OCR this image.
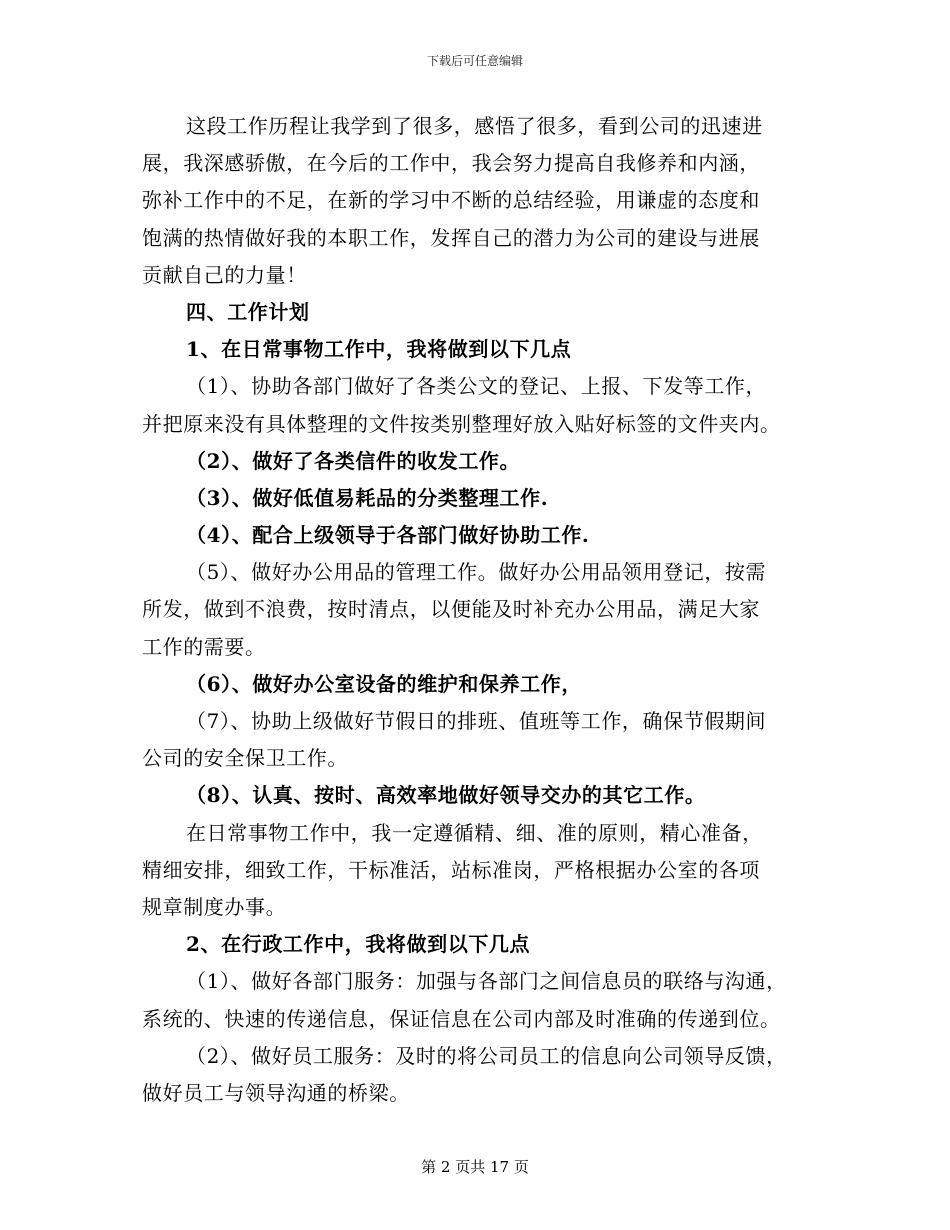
下载后可任意编辑
这段工作历程让我学到了很多，感悟了很多，看到公司的迅速进
展，我深感骄傲，在今后的工作中，我会努力提高自我修养和内涵，
弥补工作中的不足，在新的学习中不断的总结经验，用谦虚的态度和
饱满的热情做好我的本职工作，发挥自己的潜力为公司的建设与进展
贡献自己的力量！
四、工作计划
1、在日常事物工作中，我将做到以下几点
（1）、协助各部门做好了各类公文的登记、上报、下发等工作，
并把原来没有具体整理的文件按类别整理好放入贴好标签的文件夹内。
（2）、做好了各类信件的收发工作。
（3）、做好低值易耗品的分类整理工作.
（4）、配合上级领导于各部门做好协助工作.
（5）、做好办公用品的管理工作。做好办公用品领用登记，按需
所发，做到不浪费，按时清点，以便能及时补充办公用品，满足大家
工作的需要。
（6）、做好办公室设备的维护和保养工作，
（7）、协助上级做好节假日的排班、值班等工作，确保节假期间
公司的安全保卫工作。
（8）、认真、按时、高效率地做好领导交办的其它工作。
在日常事物工作中，我一定遵循精、细、准的原则，精心准备，
精细安排，细致工作，干标准活，站标准岗，严格根据办公室的各项
规章制度办事。
2、在行政工作中，我将做到以下几点
（1）、做好各部门服务：加强与各部门之间信息员的联络与沟通，
系统的、快速的传递信息，保证信息在公司内部及时准确的传递到位。
（2）、做好员工服务：及时的将公司员工的信息向公司领导反馈，
做好员工与领导沟通的桥梁。
第 2 页共 17 页
